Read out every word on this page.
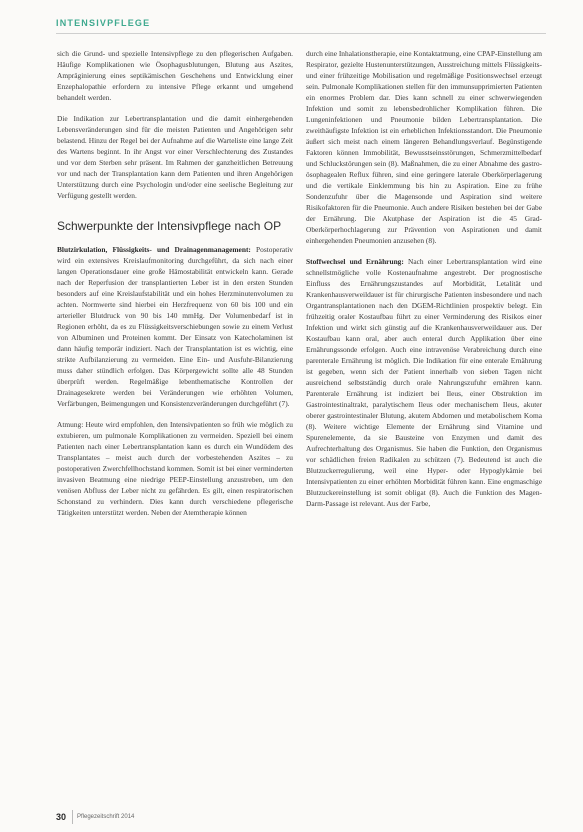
INTENSIVPFLEGE

sich die Grund- und spezielle Intensivpflege zu den pflegerischen Aufgaben. Häufige Komplikationen wie Ösophagusblutungen, Blutung aus Aszites, Ampräginierung eines septikämischen Geschehens und Entwicklung einer Enzephalopathie erfordern zu intensive Pflege erkannt und umgehend behandelt werden.

Die Indikation zur Lebertransplantation und die damit einhergehenden Lebensveränderungen sind für die meisten Patienten und Angehörigen sehr belastend. Hinzu der Regel bei der Aufnahme auf die Warteliste eine lange Zeit des Wartens beginnt. In ihr Angst vor einer Verschlechterung des Zustandes und vor dem Sterben sehr präsent. Im Rahmen der ganzheitlichen Betreuung vor und nach der Transplantation kann dem Patienten und ihren Angehörigen Unterstützung durch eine Psychologin und/oder eine seelische Begleitung zur Verfügung gestellt werden.

Schwerpunkte der Intensivpflege nach OP

Blutzirkulation, Flüssigkeits- und Drainagenmanagement: Postoperativ wird ein extensives Kreislaufmonitoring durchgeführt, da sich nach einer langen Operationsdauer eine große Hämostabilität entwickeln kann. Gerade nach der Reperfusion der transplantierten Leber ist in den ersten Stunden besonders auf eine Kreislaufstabilität und ein hohes Herzminutenvolumen zu achten. Normwerte sind hierbei ein Herzfrequenz von 60 bis 100 und ein arterieller Blutdruck von 90 bis 140 mmHg. Der Volumenbedarf ist in Regionen erhöht, da es zu Flüssigkeitsverschiebungen sowie zu einem Verlust von Albuminen und Proteinen kommt. Der Einsatz von Katecholaminen ist dann häufig temporär indiziert. Nach der Transplantation ist es wichtig, eine strikte Aufbilanzierung zu vermeiden. Eine Ein- und Ausfuhr-Bilanzierung muss daher stündlich erfolgen. Das Körpergewicht sollte alle 48 Stunden überprüft werden. Regelmäßige lebenthematische Kontrollen der Drainagesekrete werden bei Veränderungen wie erhöhten Volumen, Verfärbungen, Beimengungen und Konsistenzveränderungen durchgeführt (7).

Atmung: Heute wird empfohlen, den Intensivpatienten so früh wie möglich zu extubieren, um pulmonale Komplikationen zu vermeiden. Speziell bei einem Patienten nach einer Lebertransplantation kann es durch ein Wundödem des Transplantates – meist auch durch der vorbestehenden Aszites – zu postoperativen Zwerchfellhochstand kommen. Somit ist bei einer verminderten invasiven Beatmung eine niedrige PEEP-Einstellung anzustreben, um den venösen Abfluss der Leber nicht zu gefährden. Es gilt, einen respiratorischen Schonstand zu verhindern. Dies kann durch verschiedene pflegerische Tätigkeiten unterstützt werden. Neben der Atemtherapie können

durch eine Inhalationstherapie, eine Kontaktatmung, eine CPAP-Einstellung am Respirator, gezielte Hustenunterstützungen, Ausstreichung mittels Flüssigkeits- und einer frühzeitige Mobilisation und regelmäßige Positionswechsel erzeugt sein. Pulmonale Komplikationen stellen für den immunsupprimierten Patienten ein enormes Problem dar. Dies kann schnell zu einer schwerwiegenden Infektion und somit zu lebensbedrohlicher Komplikation führen. Die Lungeninfektionen und Pneumonie bilden Lebertransplantation. Die zweithäufigste Infektion ist ein erheblichen Infektionsstandort. Die Pneumonie äußert sich meist nach einem längeren Behandlungsverlauf. Begünstigende Faktoren können Immobilität, Bewusstseinsstörungen, Schmerzmittelbedarf und Schluckstörungen sein (8). Maßnahmen, die zu einer Abnahme des gastro-ösophagealen Reflux führen, sind eine geringere laterale Oberkörperlagerung und die vertikale Einklemmung bis hin zu Aspiration. Eine zu frühe Sondenzufuhr über die Magensonde und Aspiration sind weitere Risikofaktoren für die Pneumonie. Auch andere Risiken bestehen bei der Gabe der Ernährung. Die Akutphase der Aspiration ist die 45 Grad-Oberkörperhochlagerung zur Prävention von Aspirationen und damit einhergehenden Pneumonien anzusehen (8).

Stoffwechsel und Ernährung: Nach einer Lebertransplantation wird eine schnellstmögliche volle Kostenaufnahme angestrebt. Der prognostische Einfluss des Ernährungszustandes auf Morbidität, Letalität und Krankenhausverweildauer ist für chirurgische Patienten insbesondere und nach Organtransplantationen nach den DGEM-Richtlinien prospektiv belegt. Ein frühzeitig oraler Kostaufbau führt zu einer Verminderung des Risikos einer Infektion und wirkt sich günstig auf die Krankenhausverweildauer aus. Der Kostaufbau kann oral, aber auch enteral durch Applikation über eine Ernährungssonde erfolgen. Auch eine intravenöse Verabreichung durch eine parenterale Ernährung ist möglich. Die Indikation für eine enterale Ernährung ist gegeben, wenn sich der Patient innerhalb von sieben Tagen nicht ausreichend selbstständig durch orale Nahrungszufuhr ernähren kann. Parenterale Ernährung ist indiziert bei Ileus, einer Obstruktion im Gastrointestinaltrakt, paralytischem Ileus oder mechanischem Ileus, akuter oberer gastrointestinaler Blutung, akutem Abdomen und metabolischem Koma (8). Weitere wichtige Elemente der Ernährung sind Vitamine und Spurenelemente, da sie Bausteine von Enzymen und damit des Aufrechterhaltung des Organismus. Sie haben die Funktion, den Organismus vor schädlichen freien Radikalen zu schützen (7). Bedeutend ist auch die Blutzuckerregulierung, weil eine Hyper- oder Hypoglykämie bei Intensivpatienten zu einer erhöhten Morbidität führen kann. Eine engmaschige Blutzuckereinstellung ist somit obligat (8). Auch die Funktion des Magen-Darm-Passage ist relevant. Aus der Farbe,

30 Pflegezeitschrift 2014
